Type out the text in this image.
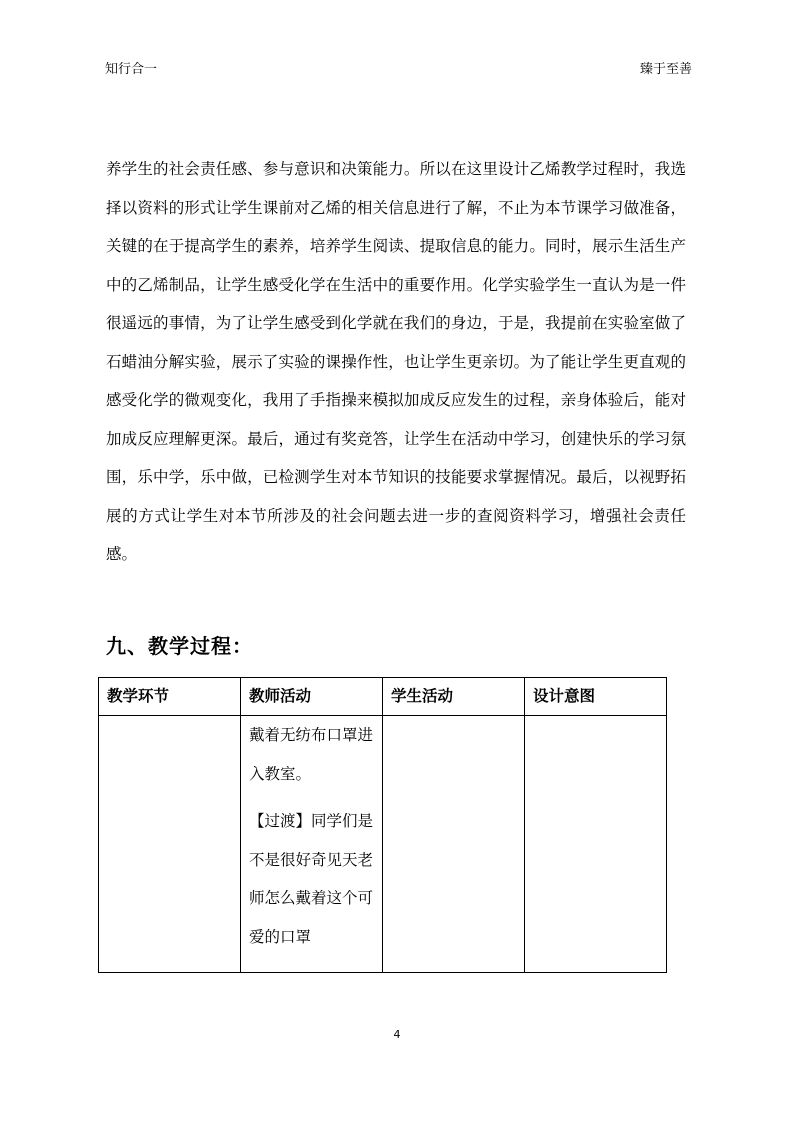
知行合一	臻于至善
养学生的社会责任感、参与意识和决策能力。所以在这里设计乙烯教学过程时，我选择以资料的形式让学生课前对乙烯的相关信息进行了解，不止为本节课学习做准备，关键的在于提高学生的素养，培养学生阅读、提取信息的能力。同时，展示生活生产中的乙烯制品，让学生感受化学在生活中的重要作用。化学实验学生一直认为是一件很遥远的事情，为了让学生感受到化学就在我们的身边，于是，我提前在实验室做了石蜡油分解实验，展示了实验的课操作性，也让学生更亲切。为了能让学生更直观的感受化学的微观变化，我用了手指操来模拟加成反应发生的过程，亲身体验后，能对加成反应理解更深。最后，通过有奖竞答，让学生在活动中学习，创建快乐的学习氛围，乐中学，乐中做，已检测学生对本节知识的技能要求掌握情况。最后，以视野拓展的方式让学生对本节所涉及的社会问题去进一步的查阅资料学习，增强社会责任感。
九、教学过程：
教学环节	教师活动	学生活动	设计意图

	戴着无纺布口罩进入教室。

【过渡】同学们是不是很好奇见天老师怎么戴着这个可爱的口罩		

4
